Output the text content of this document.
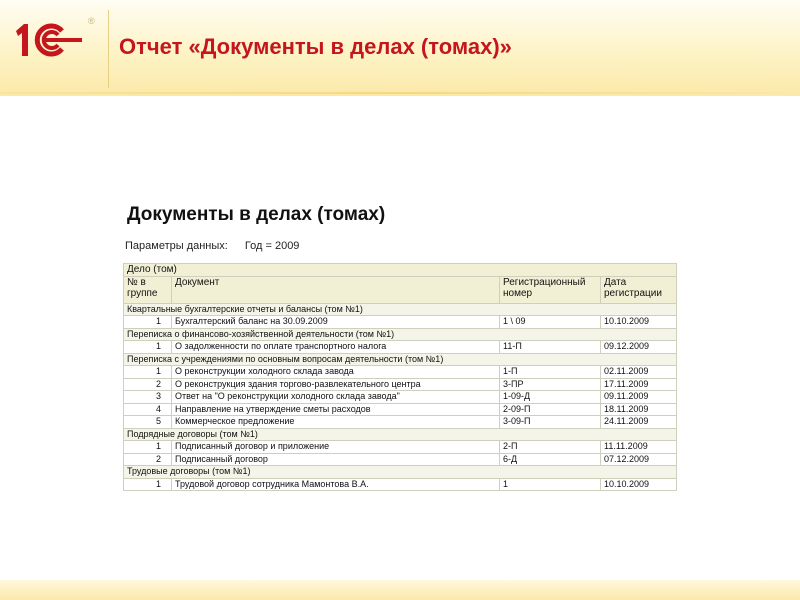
®
Отчет «Документы в делах (томах)»
Документы в делах (томах)
Параметры данных: Год = 2009
Дело (том)			
№ в группе	Документ	Регистрационный номер	Дата регистрации
Квартальные бухгалтерские отчеты и балансы (том №1)			
1	Бухгалтерский баланс на 30.09.2009	1 \ 09	10.10.2009
Переписка о финансово-хозяйственной деятельности (том №1)			
1	О задолженности по оплате транспортного налога	11-П	09.12.2009
Переписка с учреждениями по основным вопросам деятельности (том №1)			
1	О реконструкции холодного склада завода	1-П	02.11.2009
2	О реконструкция здания торгово-развлекательного центра	3-ПР	17.11.2009
3	Ответ на "О реконструкции холодного склада завода"	1-09-Д	09.11.2009
4	Направление на утверждение сметы расходов	2-09-П	18.11.2009
5	Коммерческое предложение	3-09-П	24.11.2009
Подрядные договоры (том №1)			
1	Подписанный договор и приложение	2-П	11.11.2009
2	Подписанный договор	6-Д	07.12.2009
Трудовые договоры (том №1)			
1	Трудовой договор сотрудника Мамонтова В.А.	1	10.10.2009
